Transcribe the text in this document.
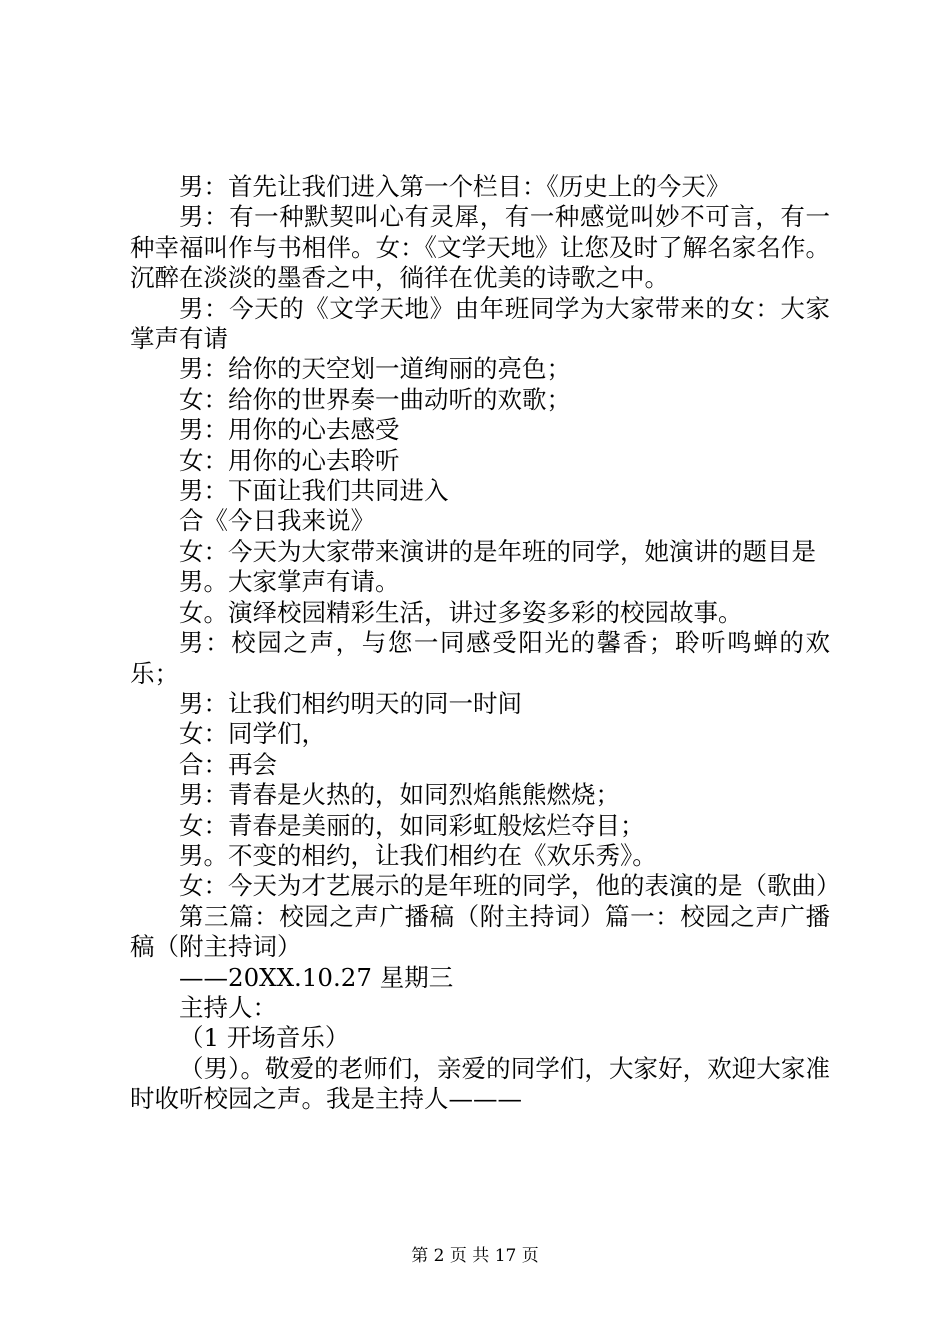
男：首先让我们进入第一个栏目：《历史上的今天》

男：有一种默契叫心有灵犀，有一种感觉叫妙不可言，有一种幸福叫作与书相伴。女：《文学天地》让您及时了解名家名作。沉醉在淡淡的墨香之中，徜徉在优美的诗歌之中。

男：今天的《文学天地》由年班同学为大家带来的女：大家掌声有请

男：给你的天空划一道绚丽的亮色；

女：给你的世界奏一曲动听的欢歌；

男：用你的心去感受

女：用你的心去聆听

男：下面让我们共同进入

合《今日我来说》

女：今天为大家带来演讲的是年班的同学，她演讲的题目是

男。大家掌声有请。

女。演绎校园精彩生活，讲过多姿多彩的校园故事。

男：校园之声，与您一同感受阳光的馨香；聆听鸣蝉的欢乐；

男：让我们相约明天的同一时间

女：同学们，

合：再会

男：青春是火热的，如同烈焰熊熊燃烧；

女：青春是美丽的，如同彩虹般炫烂夺目；

男。不变的相约，让我们相约在《欢乐秀》。

女：今天为才艺展示的是年班的同学，他的表演的是（歌曲）

第三篇：校园之声广播稿（附主持词）篇一：校园之声广播稿（附主持词）

——20XX.10.27 星期三

主持人：

（1 开场音乐）

（男）。敬爱的老师们，亲爱的同学们，大家好，欢迎大家准时收听校园之声。我是主持人———

第 2 页 共 17 页
